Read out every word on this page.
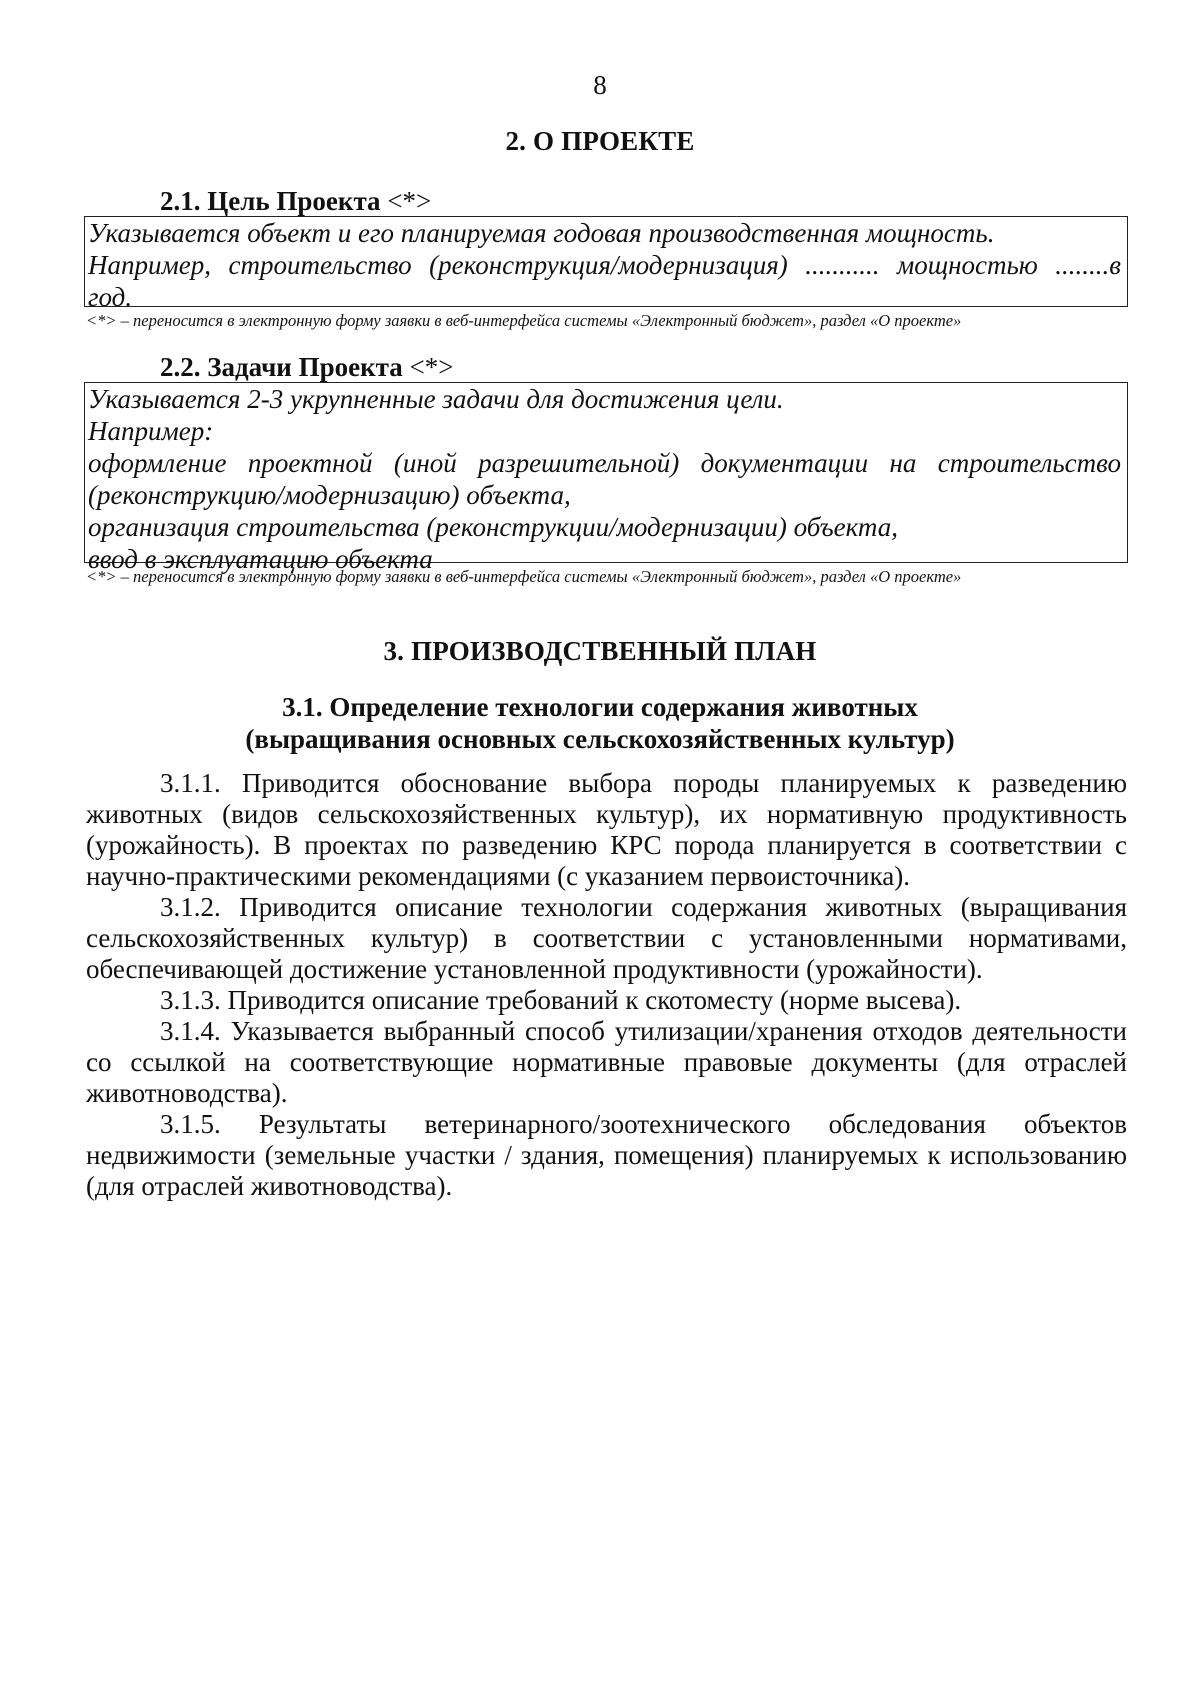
8
2. О ПРОЕКТЕ
2.1. Цель Проекта <*>
Указывается объект и его планируемая годовая производственная мощность.
Например, строительство (реконструкция/модернизация) ........... мощностью ........в
год.
<*> – переносится в электронную форму заявки в веб-интерфейса системы «Электронный бюджет», раздел «О проекте»
2.2. Задачи Проекта <*>
Указывается 2-3 укрупненные задачи для достижения цели.
Например:
оформление проектной (иной разрешительной) документации на строительство
(реконструкцию/модернизацию) объекта,
организация строительства (реконструкции/модернизации) объекта,
ввод в эксплуатацию объекта
<*> – переносится в электронную форму заявки в веб-интерфейса системы «Электронный бюджет», раздел «О проекте»
3. ПРОИЗВОДСТВЕННЫЙ ПЛАН
3.1. Определение технологии содержания животных
(выращивания основных сельскохозяйственных культур)

3.1.1. Приводится обоснование выбора породы планируемых к разведению животных (видов сельскохозяйственных культур), их нормативную продуктивность (урожайность). В проектах по разведению КРС порода планируется в соответствии с научно-практическими рекомендациями (с указанием первоисточника).

3.1.2. Приводится описание технологии содержания животных (выращивания сельскохозяйственных культур) в соответствии с установленными нормативами, обеспечивающей достижение установленной продуктивности (урожайности).

3.1.3. Приводится описание требований к скотоместу (норме высева).

3.1.4. Указывается выбранный способ утилизации/хранения отходов деятельности со ссылкой на соответствующие нормативные правовые документы (для отраслей животноводства).

3.1.5. Результаты ветеринарного/зоотехнического обследования объектов недвижимости (земельные участки / здания, помещения) планируемых к использованию (для отраслей животноводства).
